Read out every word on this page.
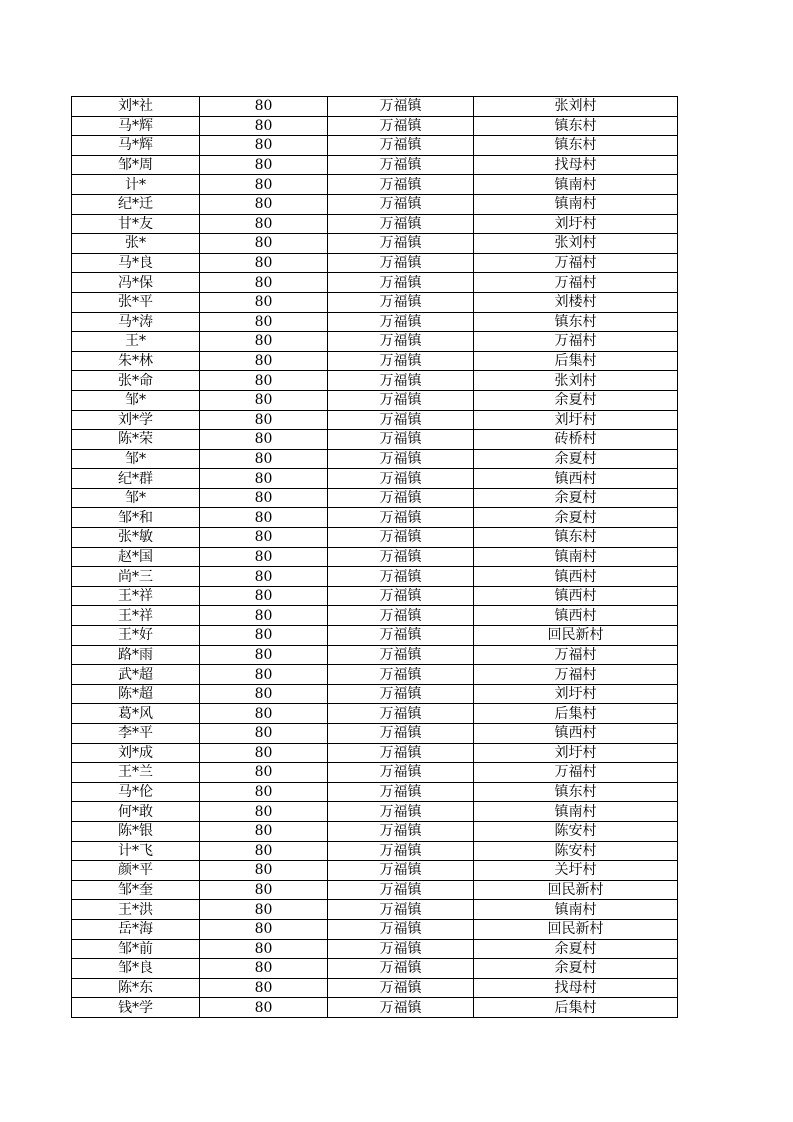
刘*社	80	万福镇	张刘村
马*辉	80	万福镇	镇东村
马*辉	80	万福镇	镇东村
邹*周	80	万福镇	找母村
计*	80	万福镇	镇南村
纪*迁	80	万福镇	镇南村
甘*友	80	万福镇	刘圩村
张*	80	万福镇	张刘村
马*良	80	万福镇	万福村
冯*保	80	万福镇	万福村
张*平	80	万福镇	刘楼村
马*涛	80	万福镇	镇东村
王*	80	万福镇	万福村
朱*林	80	万福镇	后集村
张*命	80	万福镇	张刘村
邹*	80	万福镇	余夏村
刘*学	80	万福镇	刘圩村
陈*荣	80	万福镇	砖桥村
邹*	80	万福镇	余夏村
纪*群	80	万福镇	镇西村
邹*	80	万福镇	余夏村
邹*和	80	万福镇	余夏村
张*敏	80	万福镇	镇东村
赵*国	80	万福镇	镇南村
尚*三	80	万福镇	镇西村
王*祥	80	万福镇	镇西村
王*祥	80	万福镇	镇西村
王*好	80	万福镇	回民新村
路*雨	80	万福镇	万福村
武*超	80	万福镇	万福村
陈*超	80	万福镇	刘圩村
葛*风	80	万福镇	后集村
李*平	80	万福镇	镇西村
刘*成	80	万福镇	刘圩村
王*兰	80	万福镇	万福村
马*伦	80	万福镇	镇东村
何*敢	80	万福镇	镇南村
陈*银	80	万福镇	陈安村
计*飞	80	万福镇	陈安村
颜*平	80	万福镇	关圩村
邹*奎	80	万福镇	回民新村
王*洪	80	万福镇	镇南村
岳*海	80	万福镇	回民新村
邹*前	80	万福镇	余夏村
邹*良	80	万福镇	余夏村
陈*东	80	万福镇	找母村
钱*学	80	万福镇	后集村
